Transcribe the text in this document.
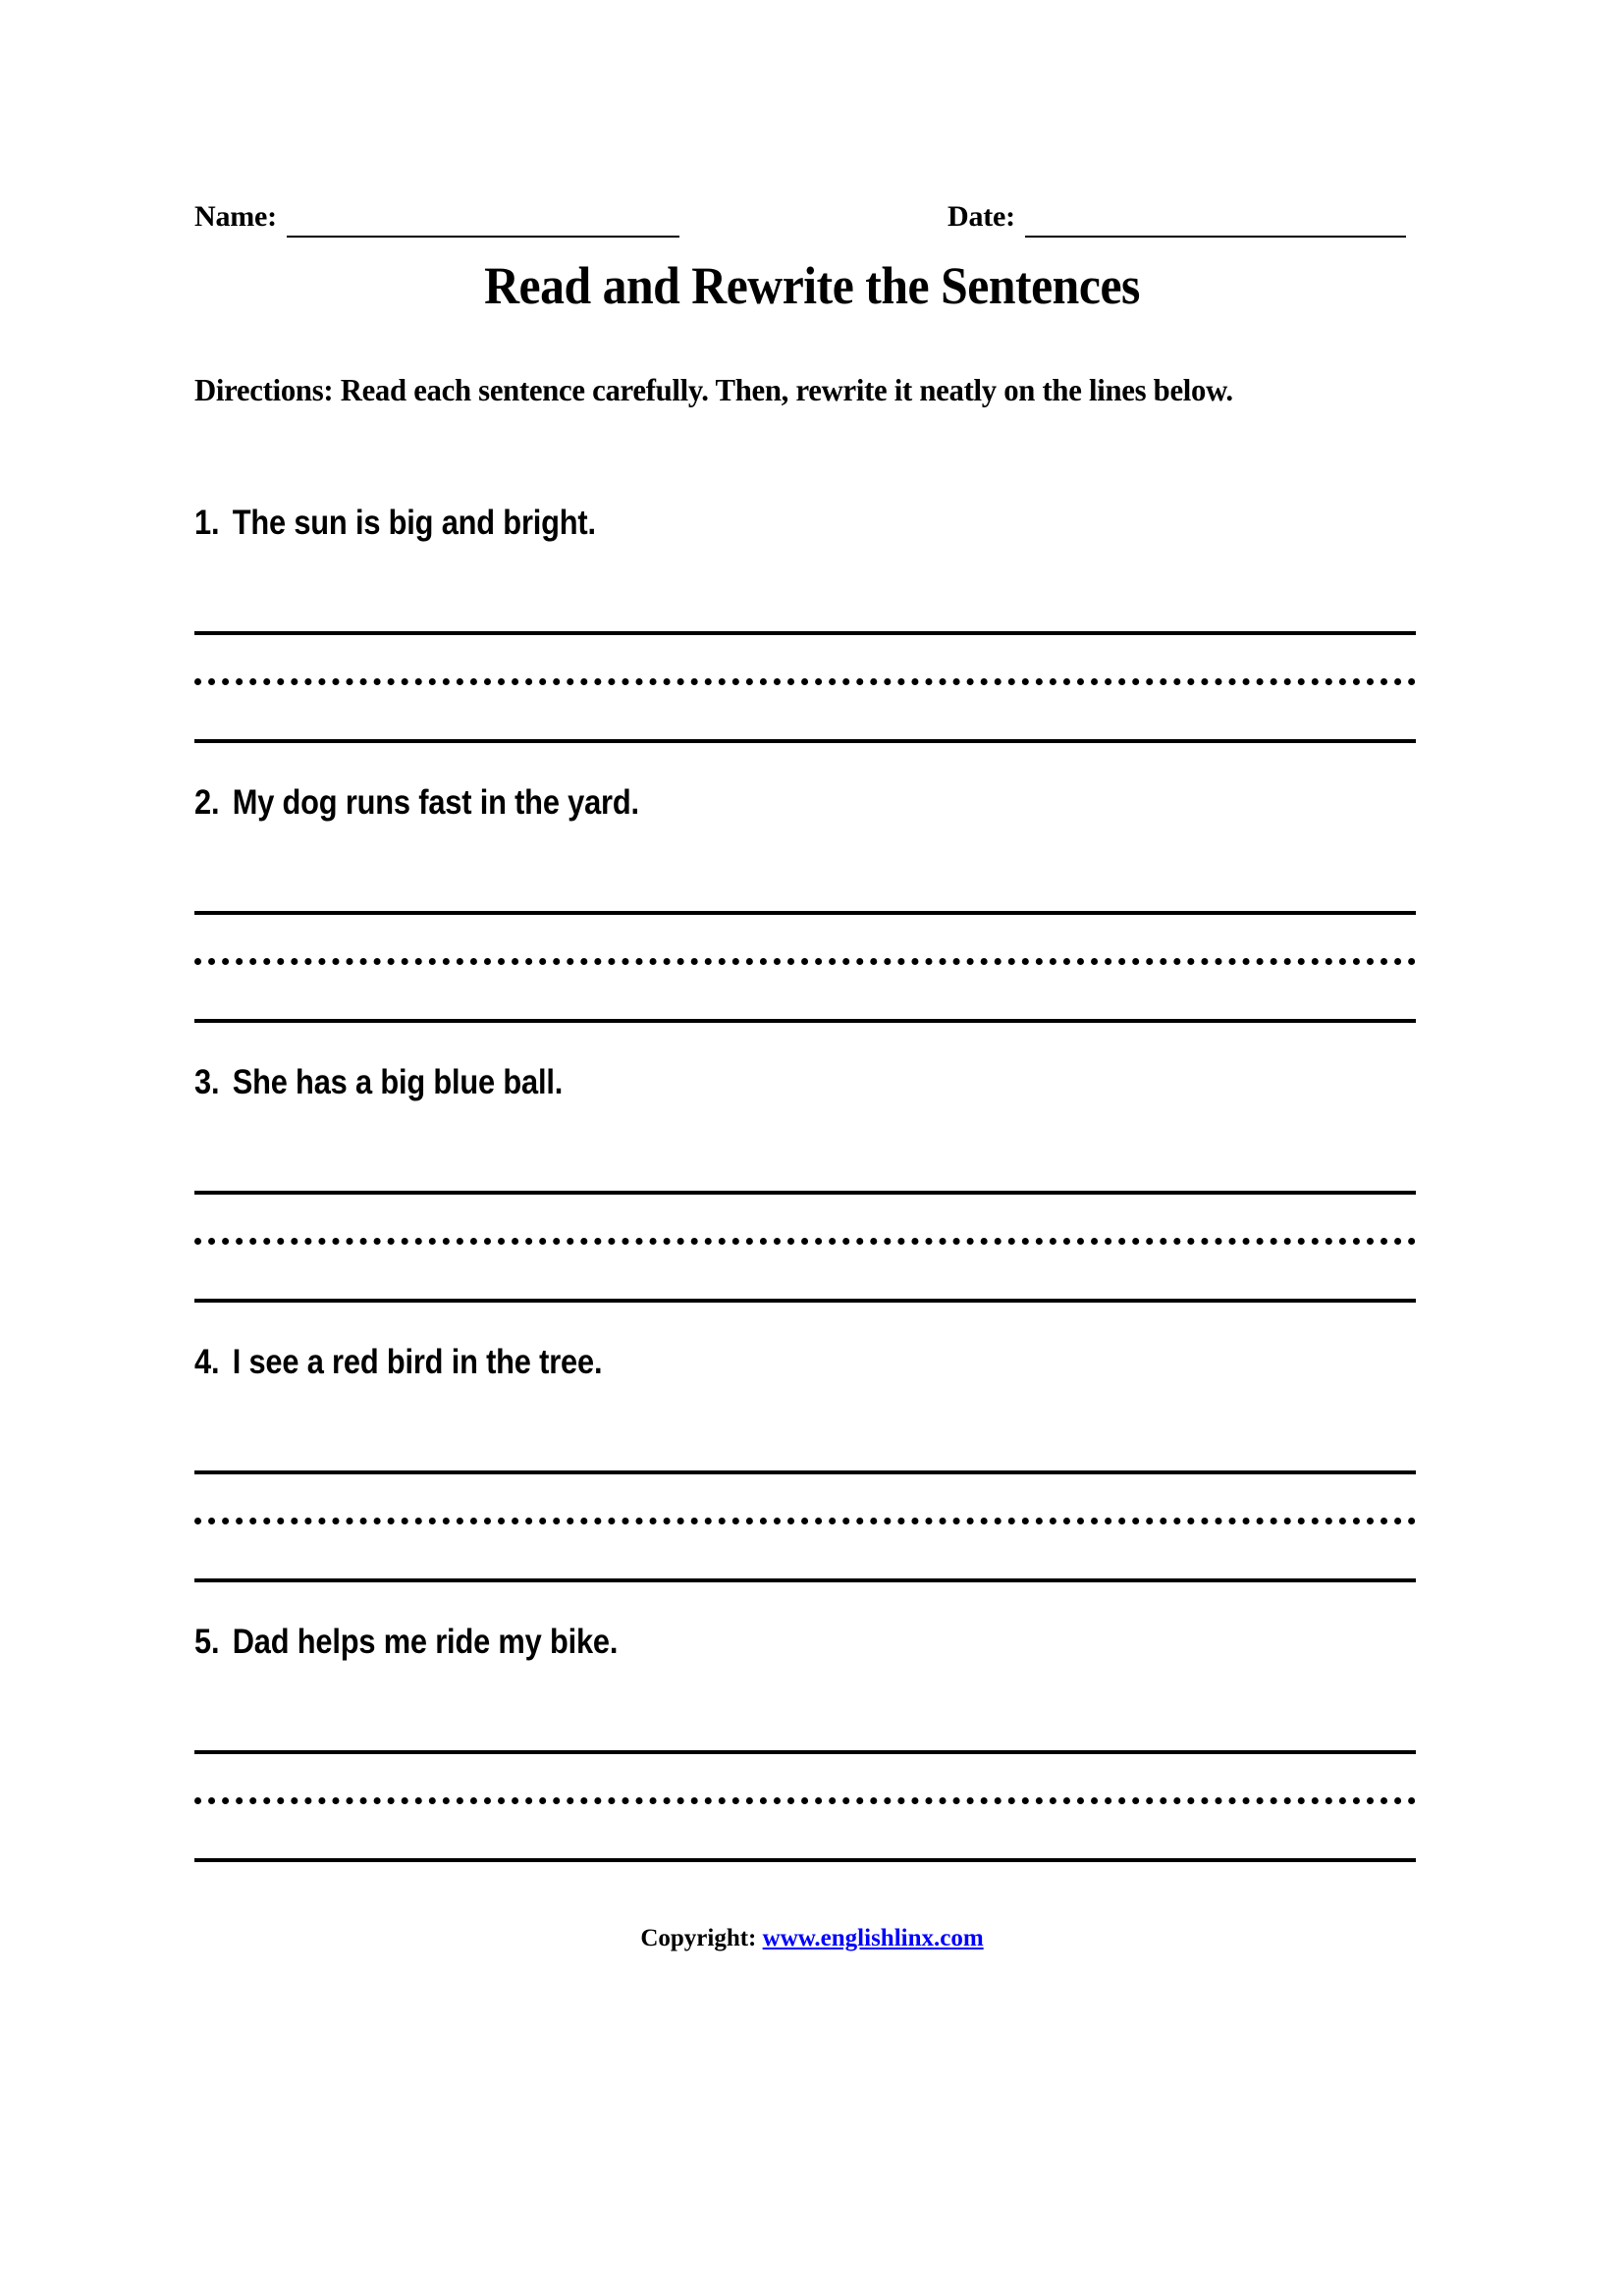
Name:	Date:
Read and Rewrite the Sentences
Directions: Read each sentence carefully. Then, rewrite it neatly on the lines below.
1. The sun is big and bright.
2. My dog runs fast in the yard.
3. She has a big blue ball.
4. I see a red bird in the tree.
5. Dad helps me ride my bike.
Copyright: www.englishlinx.com
